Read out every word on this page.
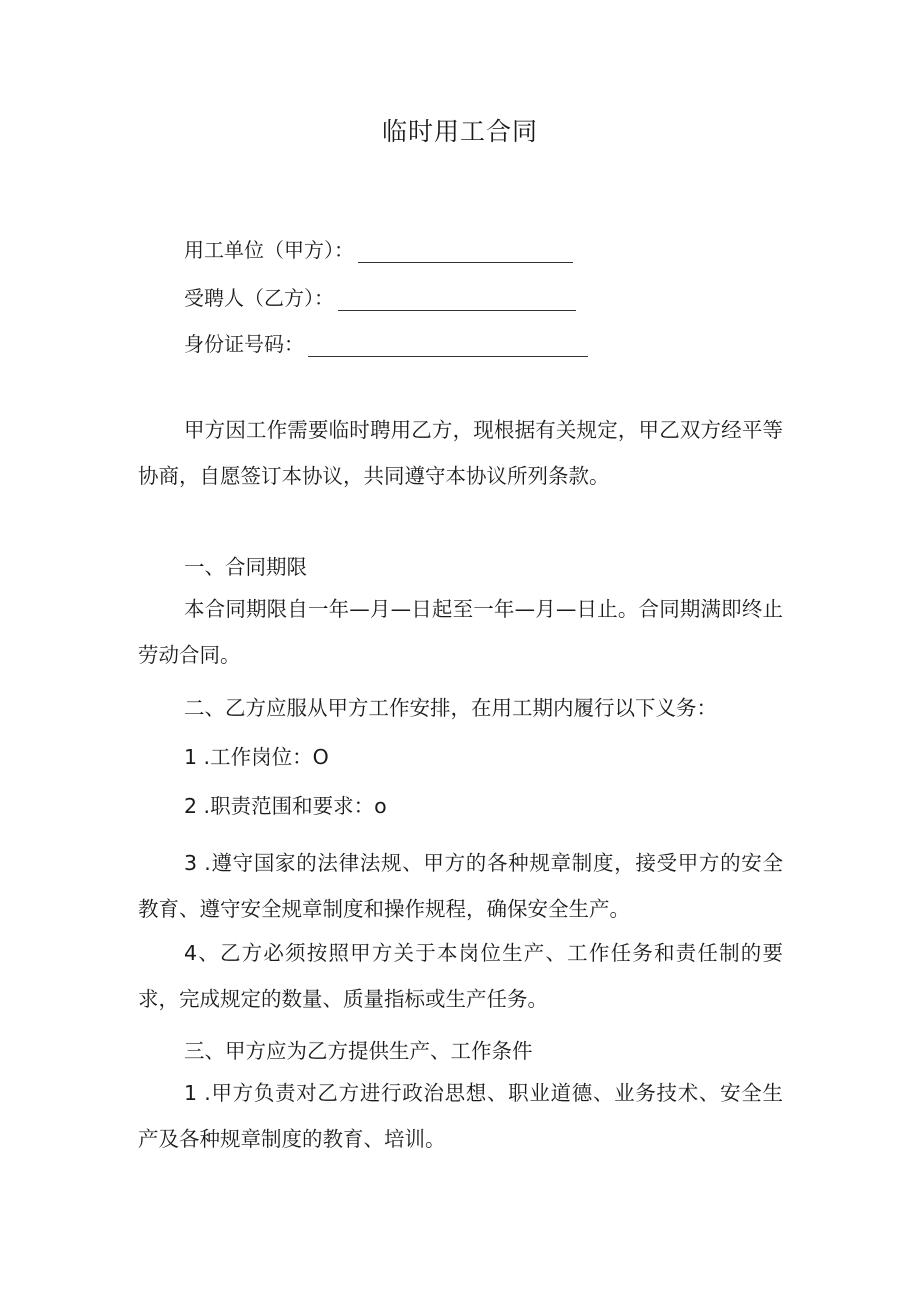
临时用工合同
用工单位（甲方）：
受聘人（乙方）：
身份证号码：
甲方因工作需要临时聘用乙方，现根据有关规定，甲乙双方经平等协商，自愿签订本协议，共同遵守本协议所列条款。
一、合同期限
本合同期限自一年—月—日起至一年—月—日止。合同期满即终止劳动合同。
二、乙方应服从甲方工作安排，在用工期内履行以下义务：
1 .工作岗位：O
2 .职责范围和要求：o
3 .遵守国家的法律法规、甲方的各种规章制度，接受甲方的安全教育、遵守安全规章制度和操作规程，确保安全生产。
4、乙方必须按照甲方关于本岗位生产、工作任务和责任制的要求，完成规定的数量、质量指标或生产任务。
三、甲方应为乙方提供生产、工作条件
1 .甲方负责对乙方进行政治思想、职业道德、业务技术、安全生产及各种规章制度的教育、培训。
